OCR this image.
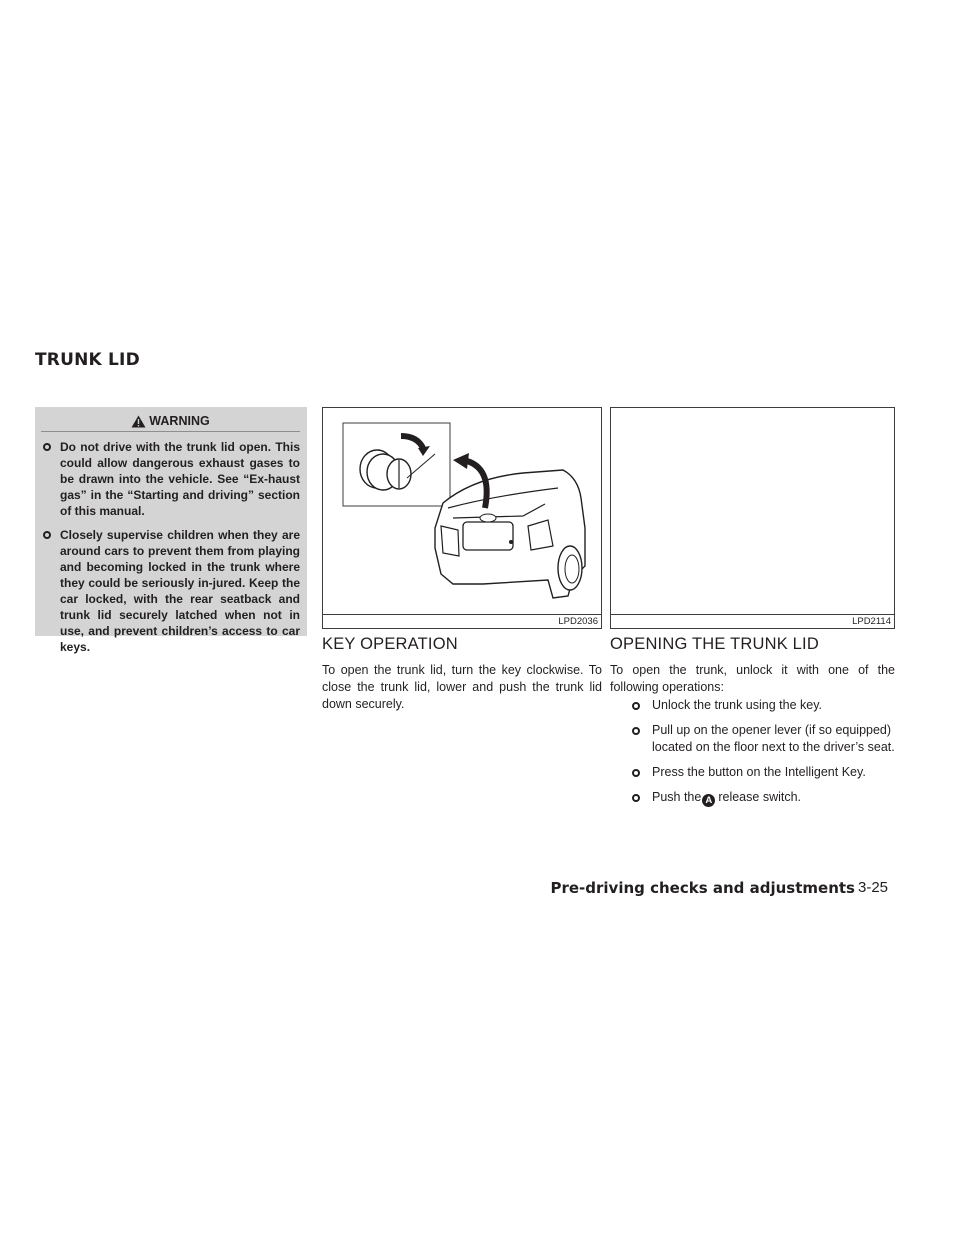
TRUNK LID
WARNING
Do not drive with the trunk lid open. This could allow dangerous exhaust gases to be drawn into the vehicle. See “Ex-haust gas” in the “Starting and driving” section of this manual.
Closely supervise children when they are around cars to prevent them from playing and becoming locked in the trunk where they could be seriously in-jured. Keep the car locked, with the rear seatback and trunk lid securely latched when not in use, and prevent children’s access to car keys.
LPD2036	LPD2114
KEY OPERATION

To open the trunk lid, turn the key clockwise. To close the trunk lid, lower and push the trunk lid down securely.

OPENING THE TRUNK LID

To open the trunk, unlock it with one of the following operations:

Unlock the trunk using the key.
Pull up on the opener lever (if so equipped) located on the floor next to the driver’s seat.
Press the button on the Intelligent Key.
Push the A release switch.
Pre-driving checks and adjustments 3-25
